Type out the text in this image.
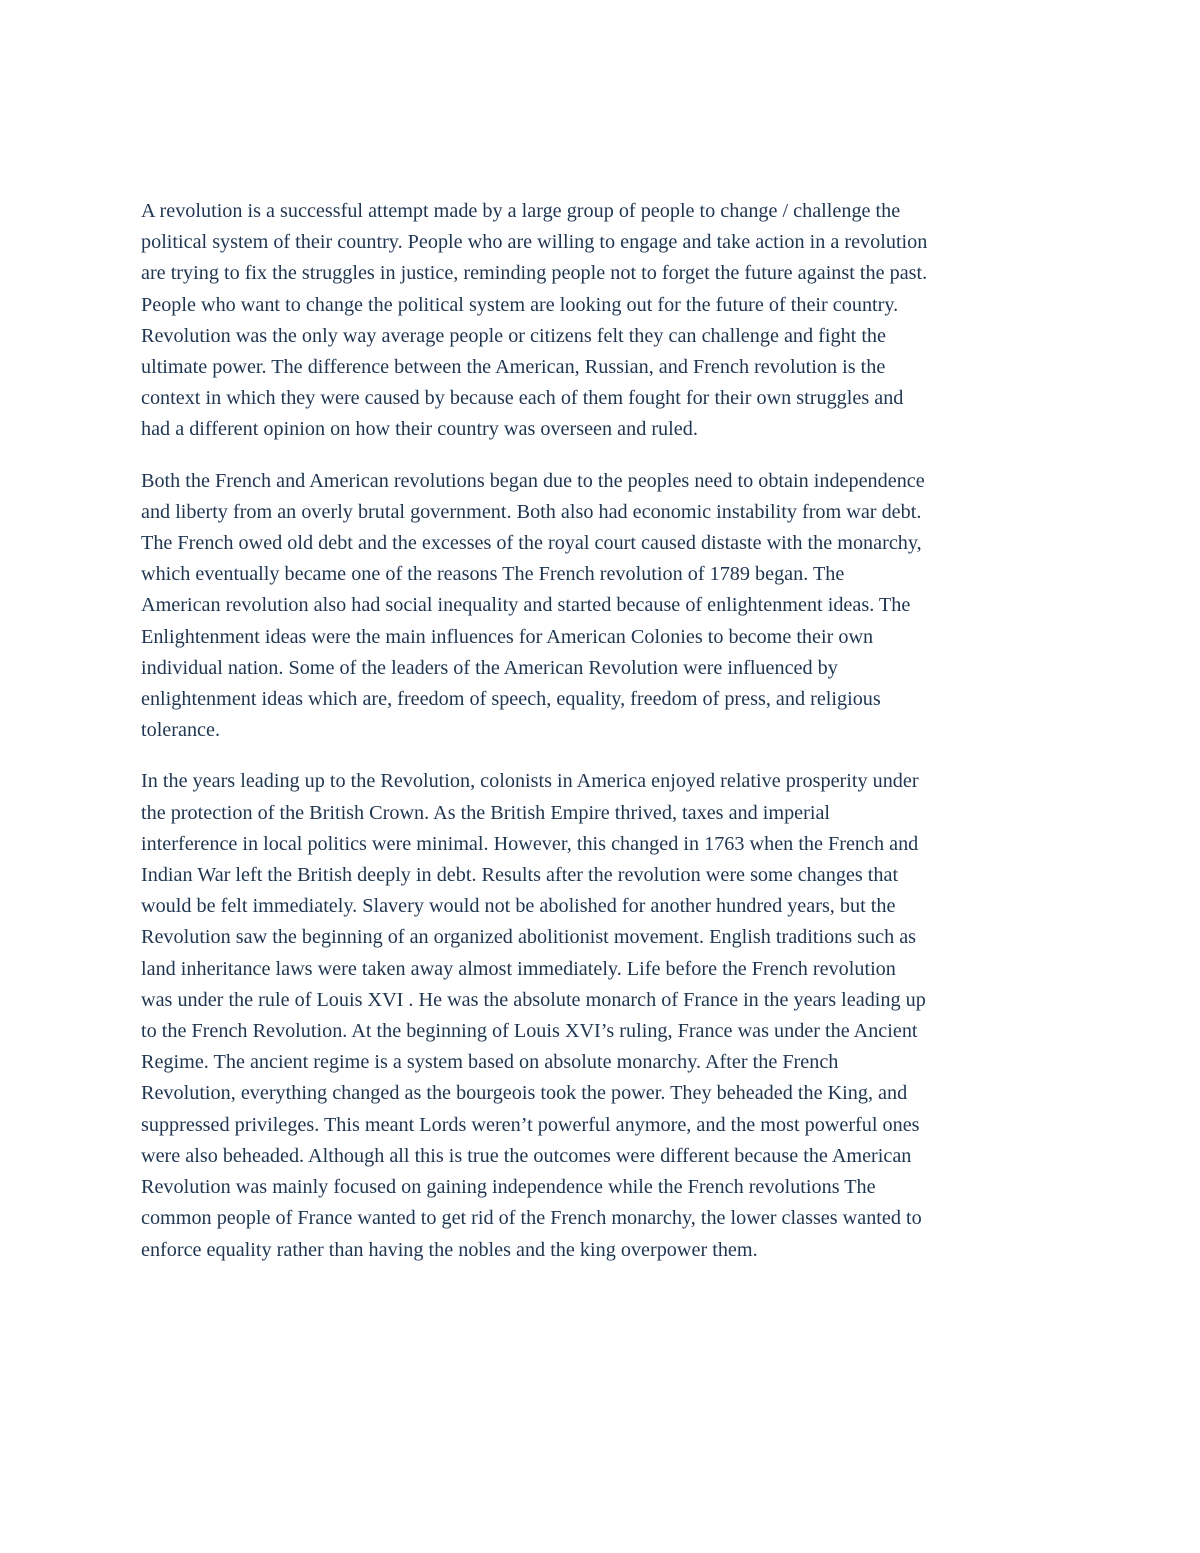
A revolution is a successful attempt made by a large group of people to change / challenge the
political system of their country. People who are willing to engage and take action in a revolution
are trying to fix the struggles in justice, reminding people not to forget the future against the past.
People who want to change the political system are looking out for the future of their country.
Revolution was the only way average people or citizens felt they can challenge and fight the
ultimate power. The difference between the American, Russian, and French revolution is the
context in which they were caused by because each of them fought for their own struggles and
had a different opinion on how their country was overseen and ruled.

Both the French and American revolutions began due to the peoples need to obtain independence
and liberty from an overly brutal government. Both also had economic instability from war debt.
The French owed old debt and the excesses of the royal court caused distaste with the monarchy,
which eventually became one of the reasons The French revolution of 1789 began. The
American revolution also had social inequality and started because of enlightenment ideas. The
Enlightenment ideas were the main influences for American Colonies to become their own
individual nation. Some of the leaders of the American Revolution were influenced by
enlightenment ideas which are, freedom of speech, equality, freedom of press, and religious
tolerance.

In the years leading up to the Revolution, colonists in America enjoyed relative prosperity under
the protection of the British Crown. As the British Empire thrived, taxes and imperial
interference in local politics were minimal. However, this changed in 1763 when the French and
Indian War left the British deeply in debt. Results after the revolution were some changes that
would be felt immediately. Slavery would not be abolished for another hundred years, but the
Revolution saw the beginning of an organized abolitionist movement. English traditions such as
land inheritance laws were taken away almost immediately. Life before the French revolution
was under the rule of Louis XVI . He was the absolute monarch of France in the years leading up
to the French Revolution. At the beginning of Louis XVI’s ruling, France was under the Ancient
Regime. The ancient regime is a system based on absolute monarchy. After the French
Revolution, everything changed as the bourgeois took the power. They beheaded the King, and
suppressed privileges. This meant Lords weren’t powerful anymore, and the most powerful ones
were also beheaded. Although all this is true the outcomes were different because the American
Revolution was mainly focused on gaining independence while the French revolutions The
common people of France wanted to get rid of the French monarchy, the lower classes wanted to
enforce equality rather than having the nobles and the king overpower them.
